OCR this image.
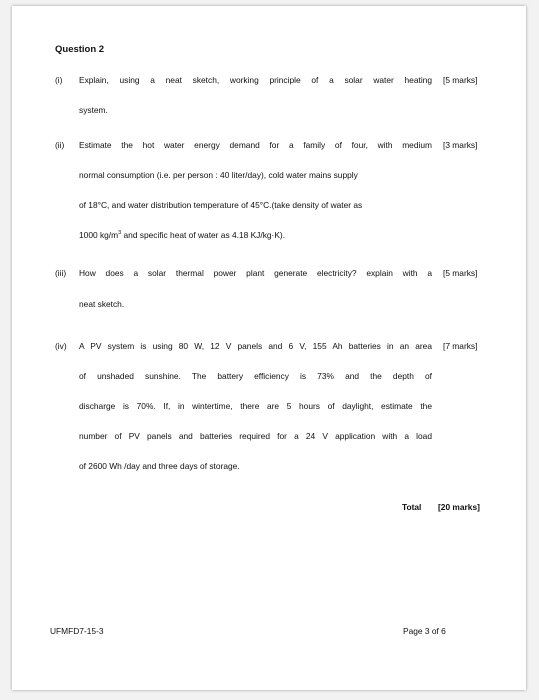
Question 2
(i)	Explain, using a neat sketch, working principle of a solar water heating [5 marks]
system.
(ii)	Estimate the hot water energy demand for a family of four, with medium [3 marks]
normal consumption (i.e. per person : 40 liter/day), cold water mains supply
of 18°C, and water distribution temperature of 45°C.(take density of water as
1000 $kg/m^3$ and specific heat of water as 4.18 KJ/kg·K).
(iii)	How does a solar thermal power plant generate electricity? explain with a [5 marks]
neat sketch.
(iv)	A PV system is using 80 W, 12 V panels and 6 V, 155 Ah batteries in an area [7 marks]
of unshaded sunshine. The battery efficiency is 73% and the depth of
discharge is 70%. If, in wintertime, there are 5 hours of daylight, estimate the
number of PV panels and batteries required for a 24 V application with a load
of 2600 Wh /day and three days of storage.
Total [20 marks]
UFMFD7-15-3	Page 3 of 6
